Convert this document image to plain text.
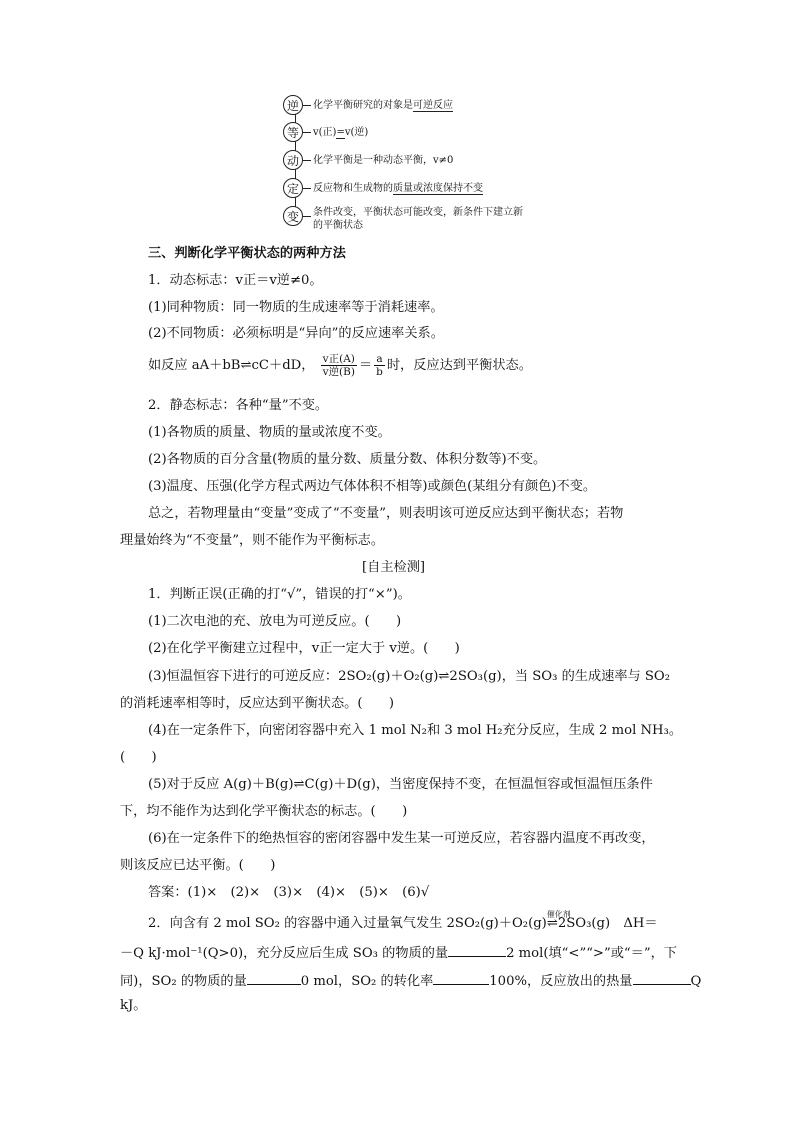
逆	化学平衡研究的对象是可逆反应
等	v(正)=v(逆)
动	化学平衡是一种动态平衡，v≠0
定	反应物和生成物的质量或浓度保持不变
变	条件改变，平衡状态可能改变，新条件下建立新的平衡状态
三、判断化学平衡状态的两种方法
1．动态标志：v正＝v逆≠0。
(1)同种物质：同一物质的生成速率等于消耗速率。
(2)不同物质：必须标明是“异向”的反应速率关系。
如反应 aA＋bB⇌cC＋dD， $\frac{\text{v正(A)}}{\text{v逆(B)}} = \frac{a}{b}$ 时，反应达到平衡状态。
2．静态标志：各种“量”不变。
(1)各物质的质量、物质的量或浓度不变。
(2)各物质的百分含量(物质的量分数、质量分数、体积分数等)不变。
(3)温度、压强(化学方程式两边气体体积不相等)或颜色(某组分有颜色)不变。
总之，若物理量由“变量”变成了“不变量”，则表明该可逆反应达到平衡状态；若物
理量始终为“不变量”，则不能作为平衡标志。
[自主检测]
1．判断正误(正确的打“√”，错误的打“×”)。
(1)二次电池的充、放电为可逆反应。(　　)
(2)在化学平衡建立过程中，v正一定大于 v逆。(　　)
(3)恒温恒容下进行的可逆反应：2SO₂(g)＋O₂(g)⇌2SO₃(g)，当 SO₃ 的生成速率与 SO₂
的消耗速率相等时，反应达到平衡状态。(　　)
(4)在一定条件下，向密闭容器中充入 1 mol N₂和 3 mol H₂充分反应，生成 2 mol NH₃。
(　　)
(5)对于反应 A(g)＋B(g)⇌C(g)＋D(g)，当密度保持不变，在恒温恒容或恒温恒压条件
下，均不能作为达到化学平衡状态的标志。(　　)
(6)在一定条件下的绝热恒容的密闭容器中发生某一可逆反应，若容器内温度不再改变，
则该反应已达平衡。(　　)
答案：(1)×　(2)×　(3)×　(4)×　(5)×　(6)√
2．向含有 2 mol SO₂ 的容器中通入过量氧气发生 2SO₂(g)＋O₂(g)
催化剂
⇌2SO₃(g)　ΔH＝
－Q kJ·mol⁻¹(Q>0)，充分反应后生成 SO₃ 的物质的量	2 mol(填“<”“>”或“＝”，下
同)，SO₂ 的物质的量	0 mol，SO₂ 的转化率	100%，反应放出的热量	Q
kJ。
